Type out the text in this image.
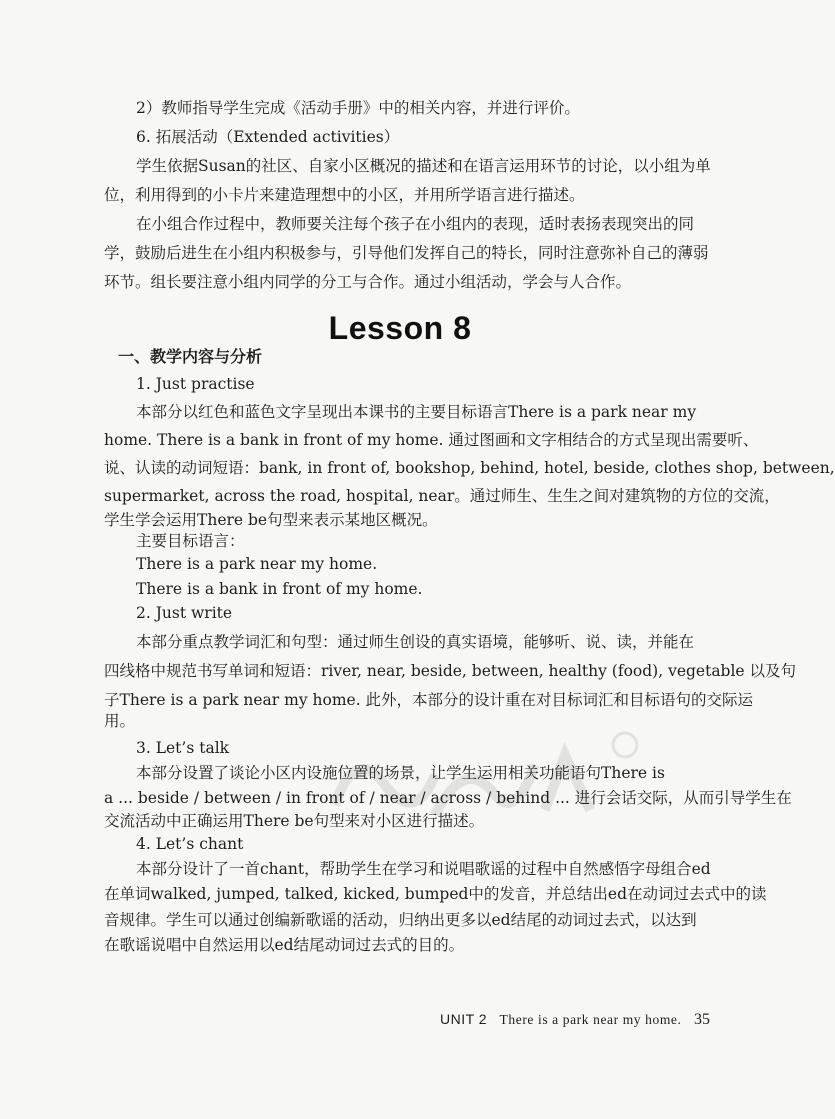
2）教师指导学生完成《活动手册》中的相关内容，并进行评价。
6. 拓展活动（Extended activities）
学生依据Susan的社区、自家小区概况的描述和在语言运用环节的讨论，以小组为单
位，利用得到的小卡片来建造理想中的小区，并用所学语言进行描述。
在小组合作过程中，教师要关注每个孩子在小组内的表现，适时表扬表现突出的同
学，鼓励后进生在小组内积极参与，引导他们发挥自己的特长，同时注意弥补自己的薄弱
环节。组长要注意小组内同学的分工与合作。通过小组活动，学会与人合作。
Lesson 8
一、教学内容与分析
1. Just practise
本部分以红色和蓝色文字呈现出本课书的主要目标语言There is a park near my
home. There is a bank in front of my home. 通过图画和文字相结合的方式呈现出需要听、
说、认读的动词短语：bank, in front of, bookshop, behind, hotel, beside, clothes shop, between,
supermarket, across the road, hospital, near。通过师生、生生之间对建筑物的方位的交流，
学生学会运用There be句型来表示某地区概况。
主要目标语言：
There is a park near my home.
There is a bank in front of my home.
2. Just write
本部分重点教学词汇和句型：通过师生创设的真实语境，能够听、说、读，并能在
四线格中规范书写单词和短语：river, near, beside, between, healthy (food), vegetable 以及句
子There is a park near my home. 此外，本部分的设计重在对目标词汇和目标语句的交际运
用。
3. Let’s talk
本部分设置了谈论小区内设施位置的场景，让学生运用相关功能语句There is
a ... beside / between / in front of / near / across / behind ... 进行会话交际，从而引导学生在
交流活动中正确运用There be句型来对小区进行描述。
4. Let’s chant
本部分设计了一首chant，帮助学生在学习和说唱歌谣的过程中自然感悟字母组合ed
在单词walked, jumped, talked, kicked, bumped中的发音，并总结出ed在动词过去式中的读
音规律。学生可以通过创编新歌谣的活动，归纳出更多以ed结尾的动词过去式，以达到
在歌谣说唱中自然运用以ed结尾动词过去式的目的。
UNIT 2 There is a park near my home. 35
